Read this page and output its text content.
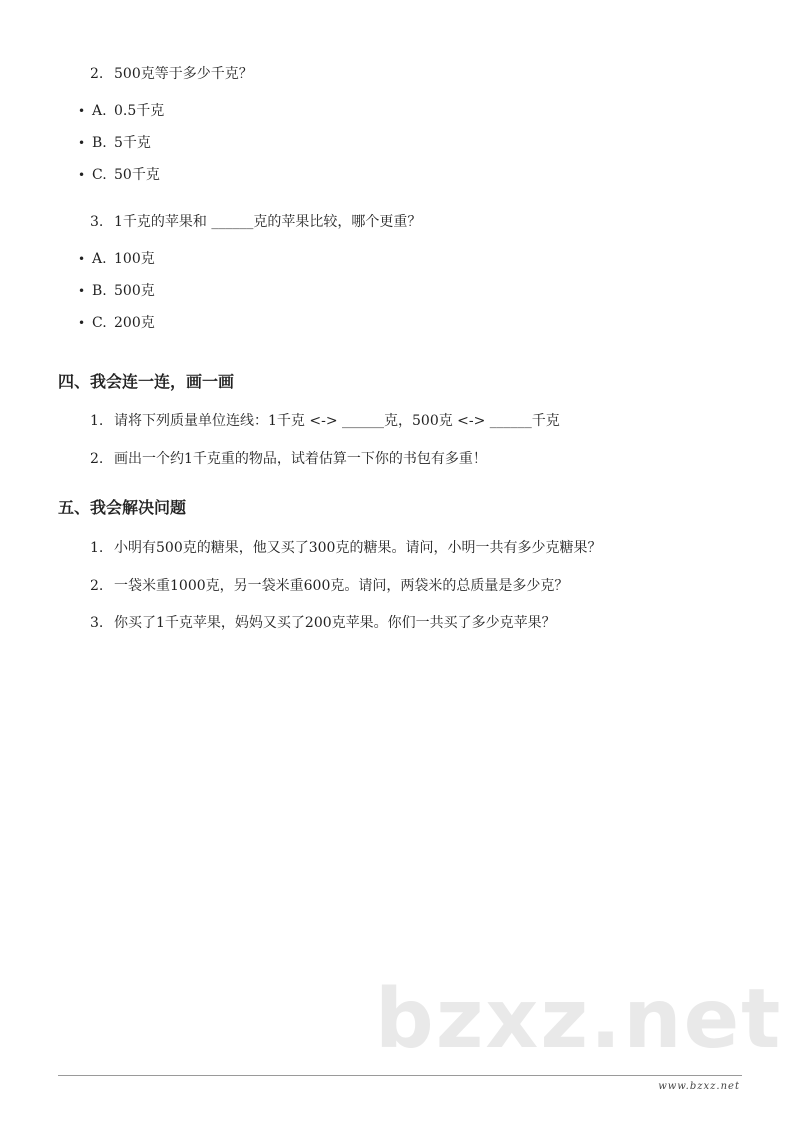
2. 500克等于多少千克？
• A. 0.5千克
• B. 5千克
• C. 50千克
3. 1千克的苹果和 ______克的苹果比较，哪个更重？
• A. 100克
• B. 500克
• C. 200克
四、我会连一连，画一画
1. 请将下列质量单位连线：1千克 <-> ______克，500克 <-> ______千克
2. 画出一个约1千克重的物品，试着估算一下你的书包有多重！
五、我会解决问题
1. 小明有500克的糖果，他又买了300克的糖果。请问，小明一共有多少克糖果？
2. 一袋米重1000克，另一袋米重600克。请问，两袋米的总质量是多少克？
3. 你买了1千克苹果，妈妈又买了200克苹果。你们一共买了多少克苹果？
bzxz.net
www.bzxz.net
